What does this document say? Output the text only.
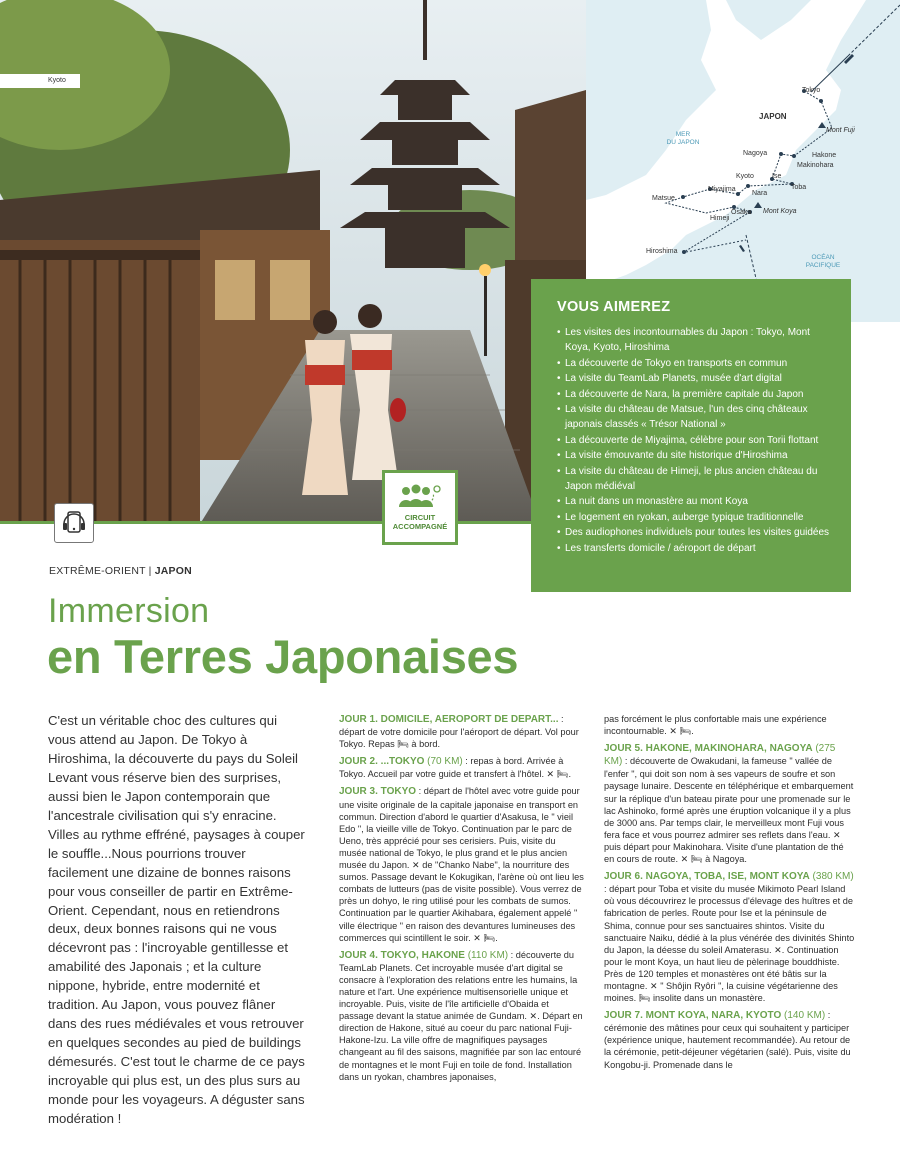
Kyoto
CIRCUIT
ACCOMPAGNÉ
JAPON
MER
DU JAPON
OCÉAN
PACIFIQUE
Tokyo
Mont Fuji
Nagoya	Hakone
Makinohara
Kyoto	Ise
Toba
Matsue
Miyajima
Nara
Himeji
Osaka Mont Koya
Hiroshima
VOUS AIMEREZ
• Les visites des incontournables du Japon : Tokyo, Mont Koya, Kyoto, Hiroshima
• La découverte de Tokyo en transports en commun
• La visite du TeamLab Planets, musée d'art digital
• La découverte de Nara, la première capitale du Japon
• La visite du château de Matsue, l'un des cinq châteaux japonais classés « Trésor National »
• La découverte de Miyajima, célèbre pour son Torii flottant
• La visite émouvante du site historique d'Hiroshima
• La visite du château de Himeji, le plus ancien château du Japon médiéval
• La nuit dans un monastère au mont Koya
• Le logement en ryokan, auberge typique traditionnelle
• Des audiophones individuels pour toutes les visites guidées
• Les transferts domicile / aéroport de départ
EXTRÊME-ORIENT | JAPON
Immersion
en Terres Japonaises
C'est un véritable choc des cultures qui vous attend au Japon. De Tokyo à Hiroshima, la découverte du pays du Soleil Levant vous réserve bien des surprises, aussi bien le Japon contemporain que l'ancestrale civilisation qui s'y enracine. Villes au rythme effréné, paysages à couper le souffle...Nous pourrions trouver facilement une dizaine de bonnes raisons pour vous conseiller de partir en Extrême-Orient. Cependant, nous en retiendrons deux, deux bonnes raisons qui ne vous décevront pas : l'incroyable gentillesse et amabilité des Japonais ; et la culture nippone, hybride, entre modernité et tradition. Au Japon, vous pouvez flâner dans des rues médiévales et vous retrouver en quelques secondes au pied de buildings démesurés. C'est tout le charme de ce pays incroyable qui plus est, un des plus surs au monde pour les voyageurs. A déguster sans modération !
JOUR 1. DOMICILE, AEROPORT DE DEPART...

: départ de votre domicile pour l'aéroport de départ. Vol pour Tokyo. Repas 🛏 à bord.

JOUR 2. ...TOKYO (70 KM)

: repas à bord. Arrivée à Tokyo. Accueil par votre guide et transfert à l'hôtel. ✕ 🛏.

JOUR 3. TOKYO

: départ de l'hôtel avec votre guide pour une visite originale de la capitale japonaise en transport en commun. Direction d'abord le quartier d'Asakusa, le " vieil Edo ", la vieille ville de Tokyo. Continuation par le parc de Ueno, très apprécié pour ses cerisiers. Puis, visite du musée national de Tokyo, le plus grand et le plus ancien musée du Japon. ✕ de "Chanko Nabe", la nourriture des sumos. Passage devant le Kokugikan, l'arène où ont lieu les combats de lutteurs (pas de visite possible). Vous verrez de près un dohyo, le ring utilisé pour les combats de sumos. Continuation par le quartier Akihabara, également appelé " ville électrique " en raison des devantures lumineuses des commerces qui scintillent le soir. ✕ 🛏.

JOUR 4. TOKYO, HAKONE (110 KM)

: découverte du TeamLab Planets. Cet incroyable musée d'art digital se consacre à l'exploration des relations entre les humains, la nature et l'art. Une expérience multisensorielle unique et incroyable. Puis, visite de l'île artificielle d'Obaida et passage devant la statue animée de Gundam. ✕. Départ en direction de Hakone, situé au coeur du parc national Fuji-Hakone-Izu. La ville offre de magnifiques paysages changeant au fil des saisons, magnifiée par son lac entouré de montagnes et le mont Fuji en toile de fond. Installation dans un ryokan, chambres japonaises,

pas forcément le plus confortable mais une expérience incontournable. ✕ 🛏.

JOUR 5. HAKONE, MAKINOHARA, NAGOYA (275 KM)

: découverte de Owakudani, la fameuse " vallée de l'enfer ", qui doit son nom à ses vapeurs de soufre et son paysage lunaire. Descente en téléphérique et embarquement sur la réplique d'un bateau pirate pour une promenade sur le lac Ashinoko, formé après une éruption volcanique il y a plus de 3000 ans. Par temps clair, le merveilleux mont Fuji vous fera face et vous pourrez admirer ses reflets dans l'eau. ✕ puis départ pour Makinohara. Visite d'une plantation de thé en cours de route. ✕ 🛏 à Nagoya.

JOUR 6. NAGOYA, TOBA, ISE, MONT KOYA (380 KM)

: départ pour Toba et visite du musée Mikimoto Pearl Island où vous découvrirez le processus d'élevage des huîtres et de fabrication de perles. Route pour Ise et la péninsule de Shima, connue pour ses sanctuaires shintos. Visite du sanctuaire Naiku, dédié à la plus vénérée des divinités Shinto du Japon, la déesse du soleil Amaterasu. ✕. Continuation pour le mont Koya, un haut lieu de pèlerinage bouddhiste. Près de 120 temples et monastères ont été bâtis sur la montagne. ✕ " Shôjin Ryôri ", la cuisine végétarienne des moines. 🛏 insolite dans un monastère.

JOUR 7. MONT KOYA, NARA, KYOTO (140 KM)

: cérémonie des mâtines pour ceux qui souhaitent y participer (expérience unique, hautement recommandée). Au retour de la cérémonie, petit-déjeuner végétarien (salé). Puis, visite du Kongobu-ji. Promenade dans le
